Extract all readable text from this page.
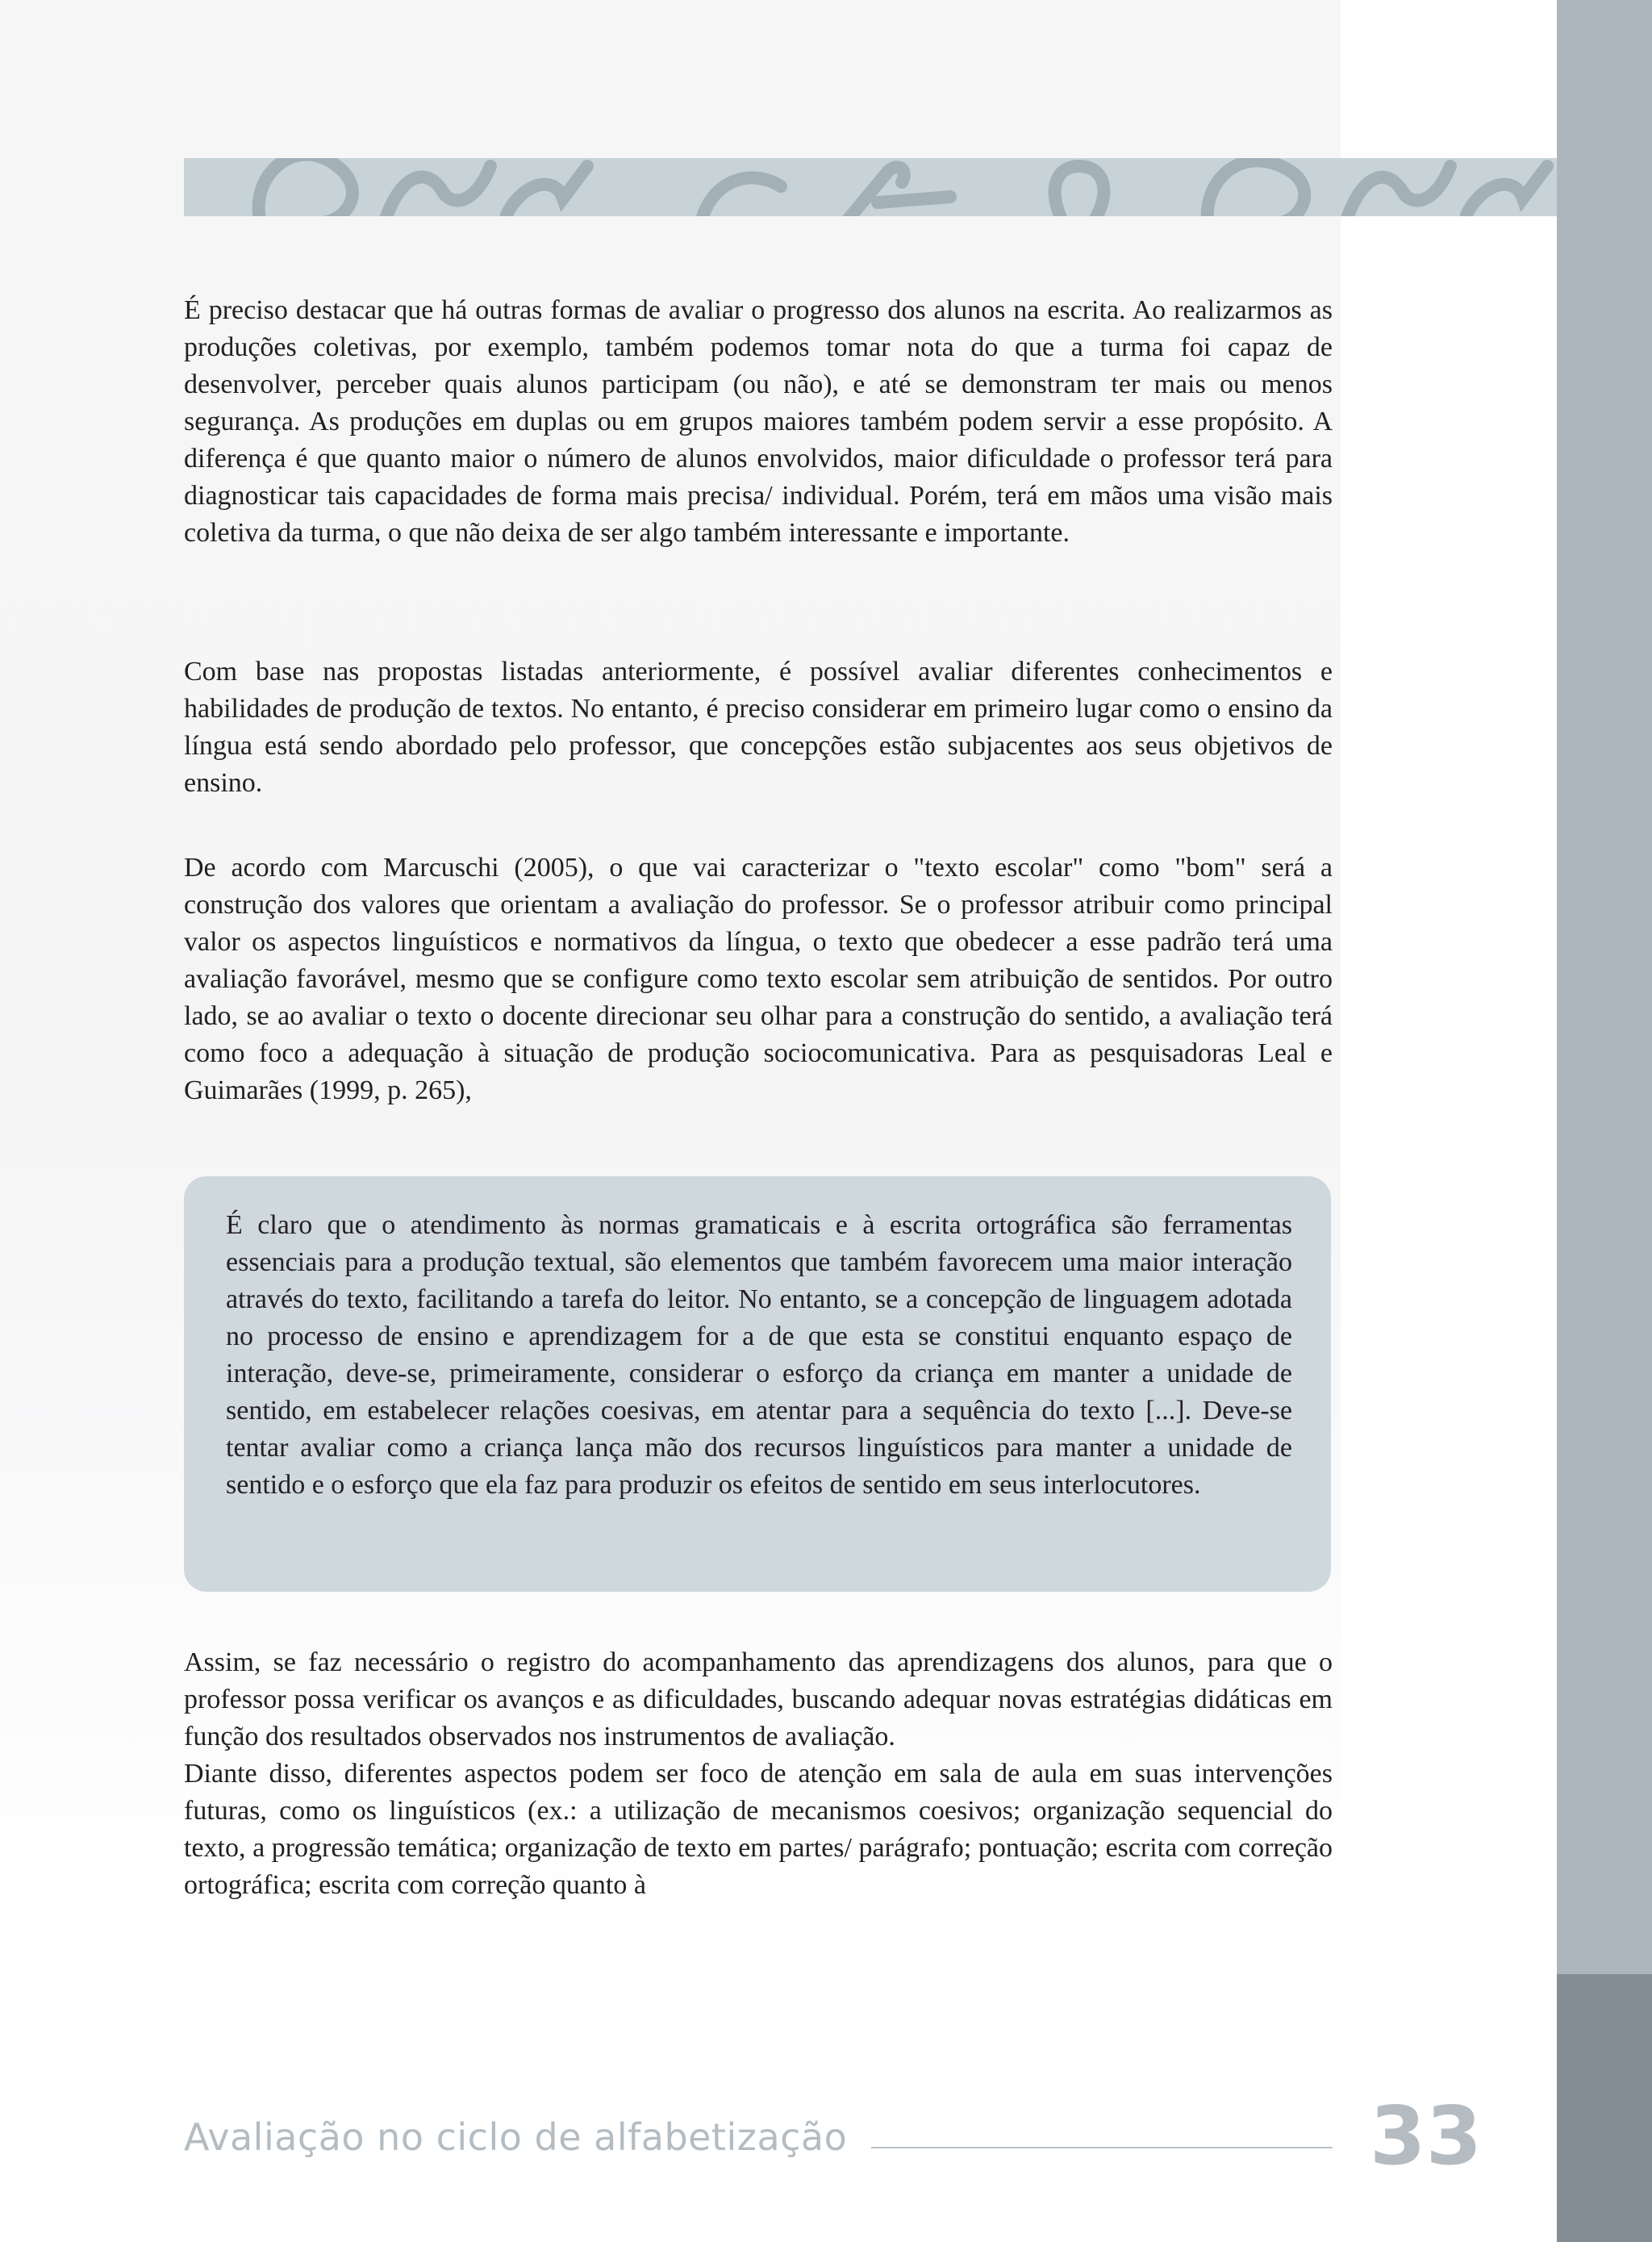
É preciso destacar que há outras formas de avaliar o progresso dos alunos na escrita. Ao realizarmos as produções coletivas, por exemplo, também podemos tomar nota do que a turma foi capaz de desenvolver, perceber quais alunos participam (ou não), e até se demonstram ter mais ou menos segurança. As produções em duplas ou em grupos maiores também podem servir a esse propósito. A diferença é que quanto maior o número de alunos envolvidos, maior dificuldade o professor terá para diagnosticar tais capacidades de forma mais precisa/ individual. Porém, terá em mãos uma visão mais coletiva da turma, o que não deixa de ser algo também interessante e importante.

Com base nas propostas listadas anteriormente, é possível avaliar diferentes conhecimentos e habilidades de produção de textos. No entanto, é preciso considerar em primeiro lugar como o ensino da língua está sendo abordado pelo professor, que concepções estão subjacentes aos seus objetivos de ensino.

De acordo com Marcuschi (2005), o que vai caracterizar o "texto escolar" como "bom" será a construção dos valores que orientam a avaliação do professor. Se o professor atribuir como principal valor os aspectos linguísticos e normativos da língua, o texto que obedecer a esse padrão terá uma avaliação favorável, mesmo que se configure como texto escolar sem atribuição de sentidos. Por outro lado, se ao avaliar o texto o docente direcionar seu olhar para a construção do sentido, a avaliação terá como foco a adequação à situação de produção sociocomunicativa. Para as pesquisadoras Leal e Guimarães (1999, p. 265),

É claro que o atendimento às normas gramaticais e à escrita ortográfica são ferramentas essenciais para a produção textual, são elementos que também favorecem uma maior interação através do texto, facilitando a tarefa do leitor. No entanto, se a concepção de linguagem adotada no processo de ensino e aprendizagem for a de que esta se constitui enquanto espaço de interação, deve-se, primeiramente, considerar o esforço da criança em manter a unidade de sentido, em estabelecer relações coesivas, em atentar para a sequência do texto [...]. Deve-se tentar avaliar como a criança lança mão dos recursos linguísticos para manter a unidade de sentido e o esforço que ela faz para produzir os efeitos de sentido em seus interlocutores.

Assim, se faz necessário o registro do acompanhamento das aprendizagens dos alunos, para que o professor possa verificar os avanços e as dificuldades, buscando adequar novas estratégias didáticas em função dos resultados observados nos instrumentos de avaliação.

Diante disso, diferentes aspectos podem ser foco de atenção em sala de aula em suas intervenções futuras, como os linguísticos (ex.: a utilização de mecanismos coesivos; organização sequencial do texto, a progressão temática; organização de texto em partes/ parágrafo; pontuação; escrita com correção ortográfica; escrita com correção quanto à

Avaliação no ciclo de alfabetização	33
